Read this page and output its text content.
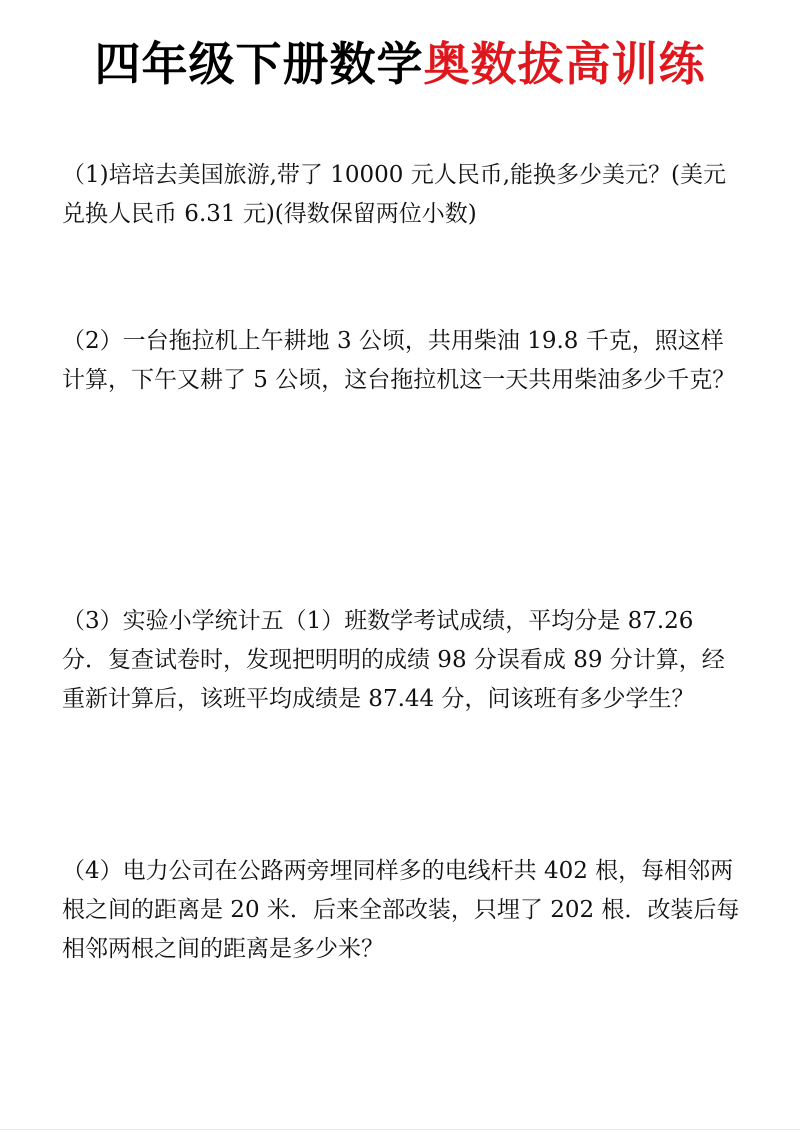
四年级下册数学奥数拔高训练

（1)培培去美国旅游,带了 10000 元人民币,能换多少美元？(美元兑换人民币 6.31 元)(得数保留两位小数)

（2）一台拖拉机上午耕地 3 公顷，共用柴油 19.8 千克，照这样计算，下午又耕了 5 公顷，这台拖拉机这一天共用柴油多少千克？

（3）实验小学统计五（1）班数学考试成绩，平均分是 87.26 分．复查试卷时，发现把明明的成绩 98 分误看成 89 分计算，经重新计算后，该班平均成绩是 87.44 分，问该班有多少学生？

（4）电力公司在公路两旁埋同样多的电线杆共 402 根，每相邻两根之间的距离是 20 米．后来全部改装，只埋了 202 根．改装后每相邻两根之间的距离是多少米？
